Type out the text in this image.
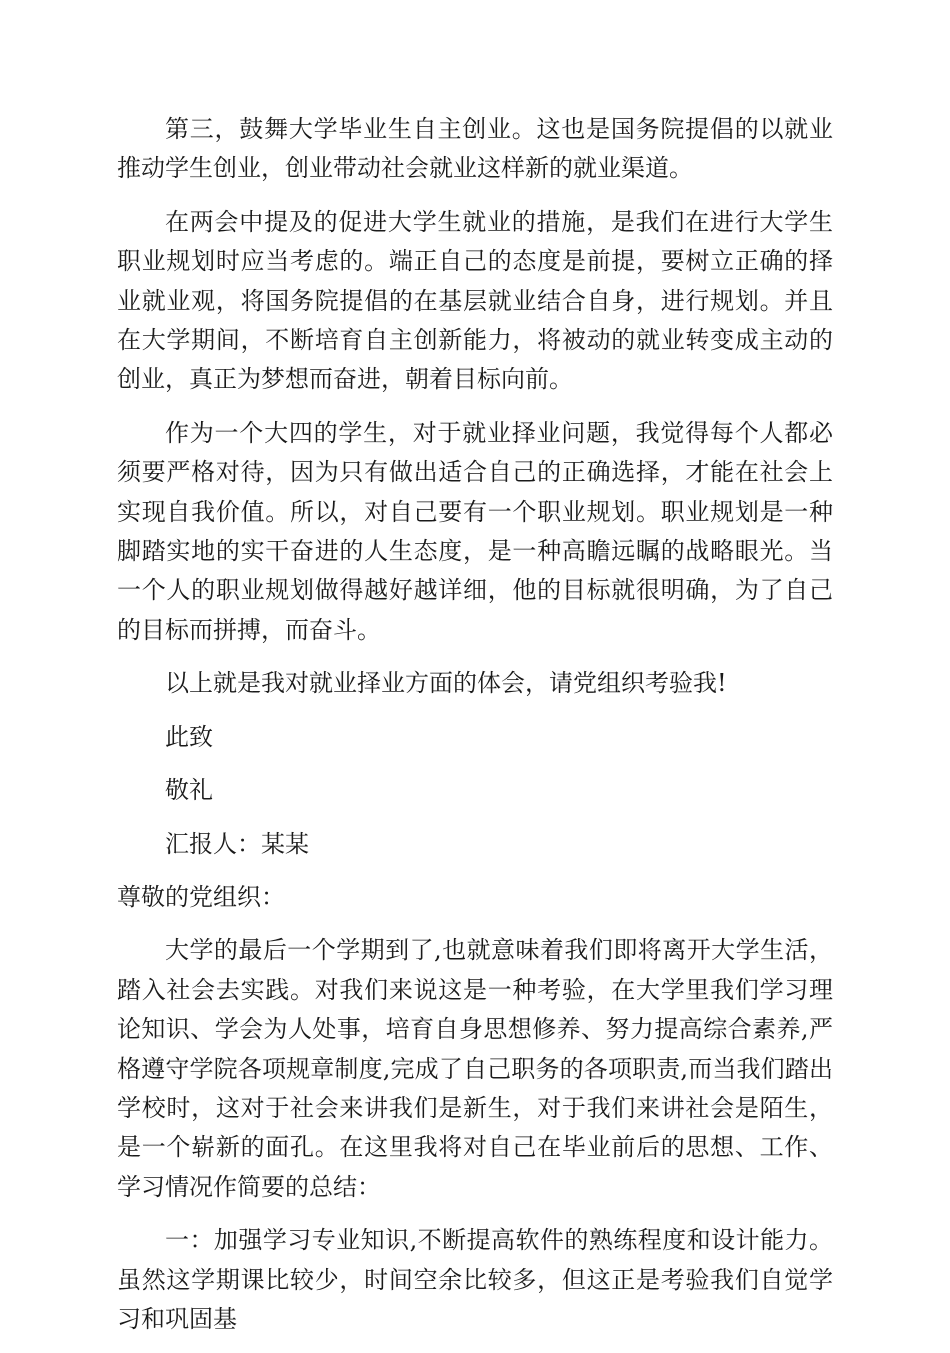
第三，鼓舞大学毕业生自主创业。这也是国务院提倡的以就业推动学生创业，创业带动社会就业这样新的就业渠道。

在两会中提及的促进大学生就业的措施，是我们在进行大学生职业规划时应当考虑的。端正自己的态度是前提，要树立正确的择业就业观，将国务院提倡的在基层就业结合自身，进行规划。并且在大学期间，不断培育自主创新能力，将被动的就业转变成主动的创业，真正为梦想而奋进，朝着目标向前。

作为一个大四的学生，对于就业择业问题，我觉得每个人都必须要严格对待，因为只有做出适合自己的正确选择，才能在社会上实现自我价值。所以，对自己要有一个职业规划。职业规划是一种脚踏实地的实干奋进的人生态度，是一种高瞻远瞩的战略眼光。当一个人的职业规划做得越好越详细，他的目标就很明确，为了自己的目标而拼搏，而奋斗。

以上就是我对就业择业方面的体会，请党组织考验我!

此致

敬礼

汇报人：某某

尊敬的党组织：

大学的最后一个学期到了,也就意味着我们即将离开大学生活，踏入社会去实践。对我们来说这是一种考验，在大学里我们学习理论知识、学会为人处事，培育自身思想修养、努力提高综合素养,严格遵守学院各项规章制度,完成了自己职务的各项职责,而当我们踏出学校时，这对于社会来讲我们是新生，对于我们来讲社会是陌生，是一个崭新的面孔。在这里我将对自己在毕业前后的思想、工作、学习情况作简要的总结：

一：加强学习专业知识,不断提高软件的熟练程度和设计能力。虽然这学期课比较少，时间空余比较多，但这正是考验我们自觉学习和巩固基
